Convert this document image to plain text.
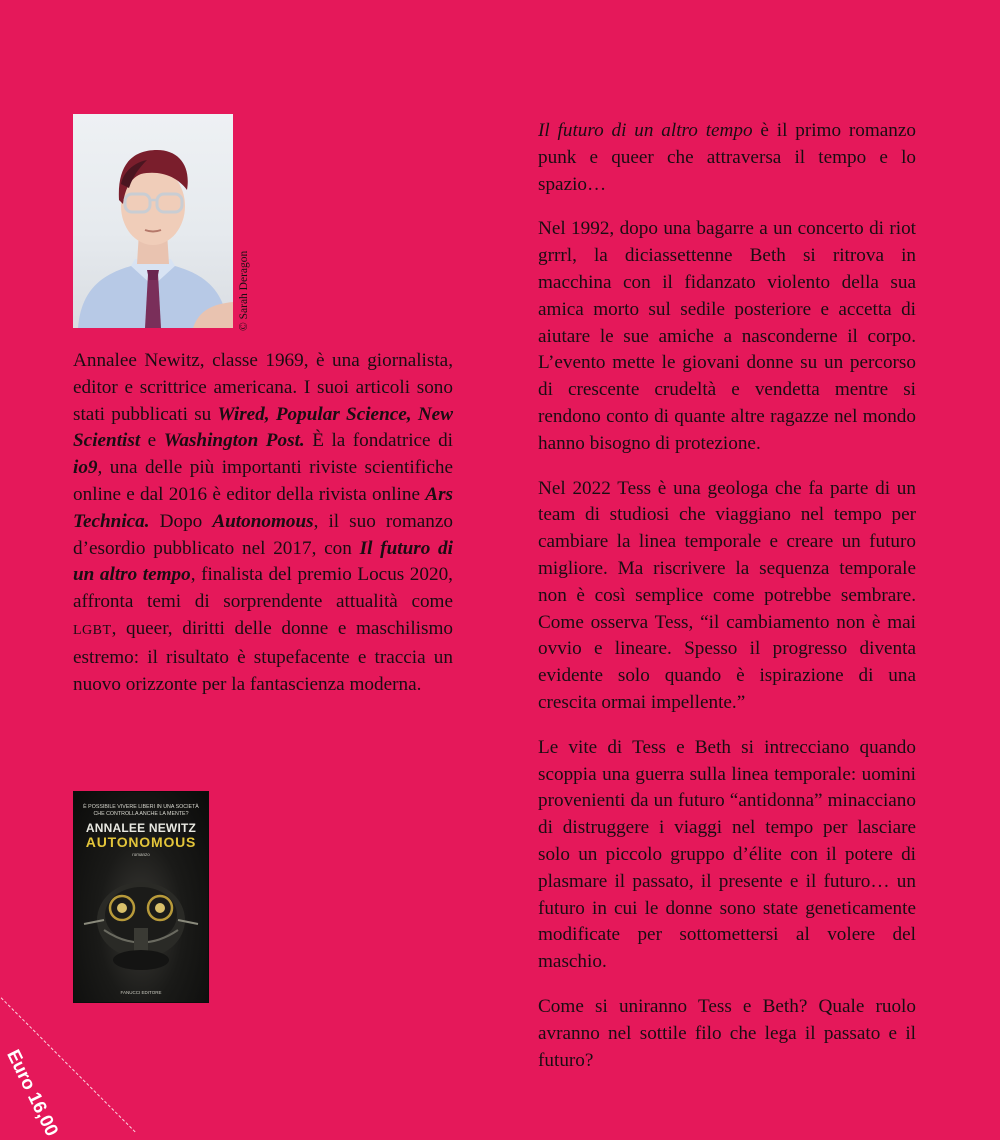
© Sarah Deragon

Annalee Newitz, classe 1969, è una giornalista, editor e scrittrice americana. I suoi articoli sono stati pubblicati su Wired, Popular Science, New Scientist e Washington Post. È la fondatrice di io9, una delle più importanti riviste scientifiche online e dal 2016 è editor della rivista online Ars Technica. Dopo Autonomous, il suo romanzo d’esordio pubblicato nel 2017, con Il futuro di un altro tempo, finalista del premio Locus 2020, affronta temi di sorprendente attualità come LGBT, queer, diritti delle donne e maschilismo estremo: il risultato è stupefacente e traccia un nuovo orizzonte per la fantascienza moderna.

È POSSIBILE VIVERE LIBERI IN UNA SOCIETÀ CHE CONTROLLA ANCHE LA MENTE?
ANNALEE NEWITZ
AUTONOMOUS
romanzo
FANUCCI EDITORE

Il futuro di un altro tempo è il primo romanzo punk e queer che attraversa il tempo e lo spazio…

Nel 1992, dopo una bagarre a un concerto di riot grrrl, la diciassettenne Beth si ritrova in macchina con il fidanzato violento della sua amica morto sul sedile posteriore e accetta di aiutare le sue amiche a nasconderne il corpo. L’evento mette le giovani donne su un percorso di crescente crudeltà e vendetta mentre si rendono conto di quante altre ragazze nel mondo hanno bisogno di protezione.

Nel 2022 Tess è una geologa che fa parte di un team di studiosi che viaggiano nel tempo per cambiare la linea temporale e creare un futuro migliore. Ma riscrivere la sequenza temporale non è così semplice come potrebbe sembrare. Come osserva Tess, “il cambiamento non è mai ovvio e lineare. Spesso il progresso diventa evidente solo quando è ispirazione di una crescita ormai impellente.”

Le vite di Tess e Beth si intrecciano quando scoppia una guerra sulla linea temporale: uomini provenienti da un futuro “antidonna” minacciano di distruggere i viaggi nel tempo per lasciare solo un piccolo gruppo d’élite con il potere di plasmare il passato, il presente e il futuro… un futuro in cui le donne sono state geneticamente modificate per sottomettersi al volere del maschio.

Come si uniranno Tess e Beth? Quale ruolo avranno nel sottile filo che lega il passato e il futuro?

Euro 16,00
